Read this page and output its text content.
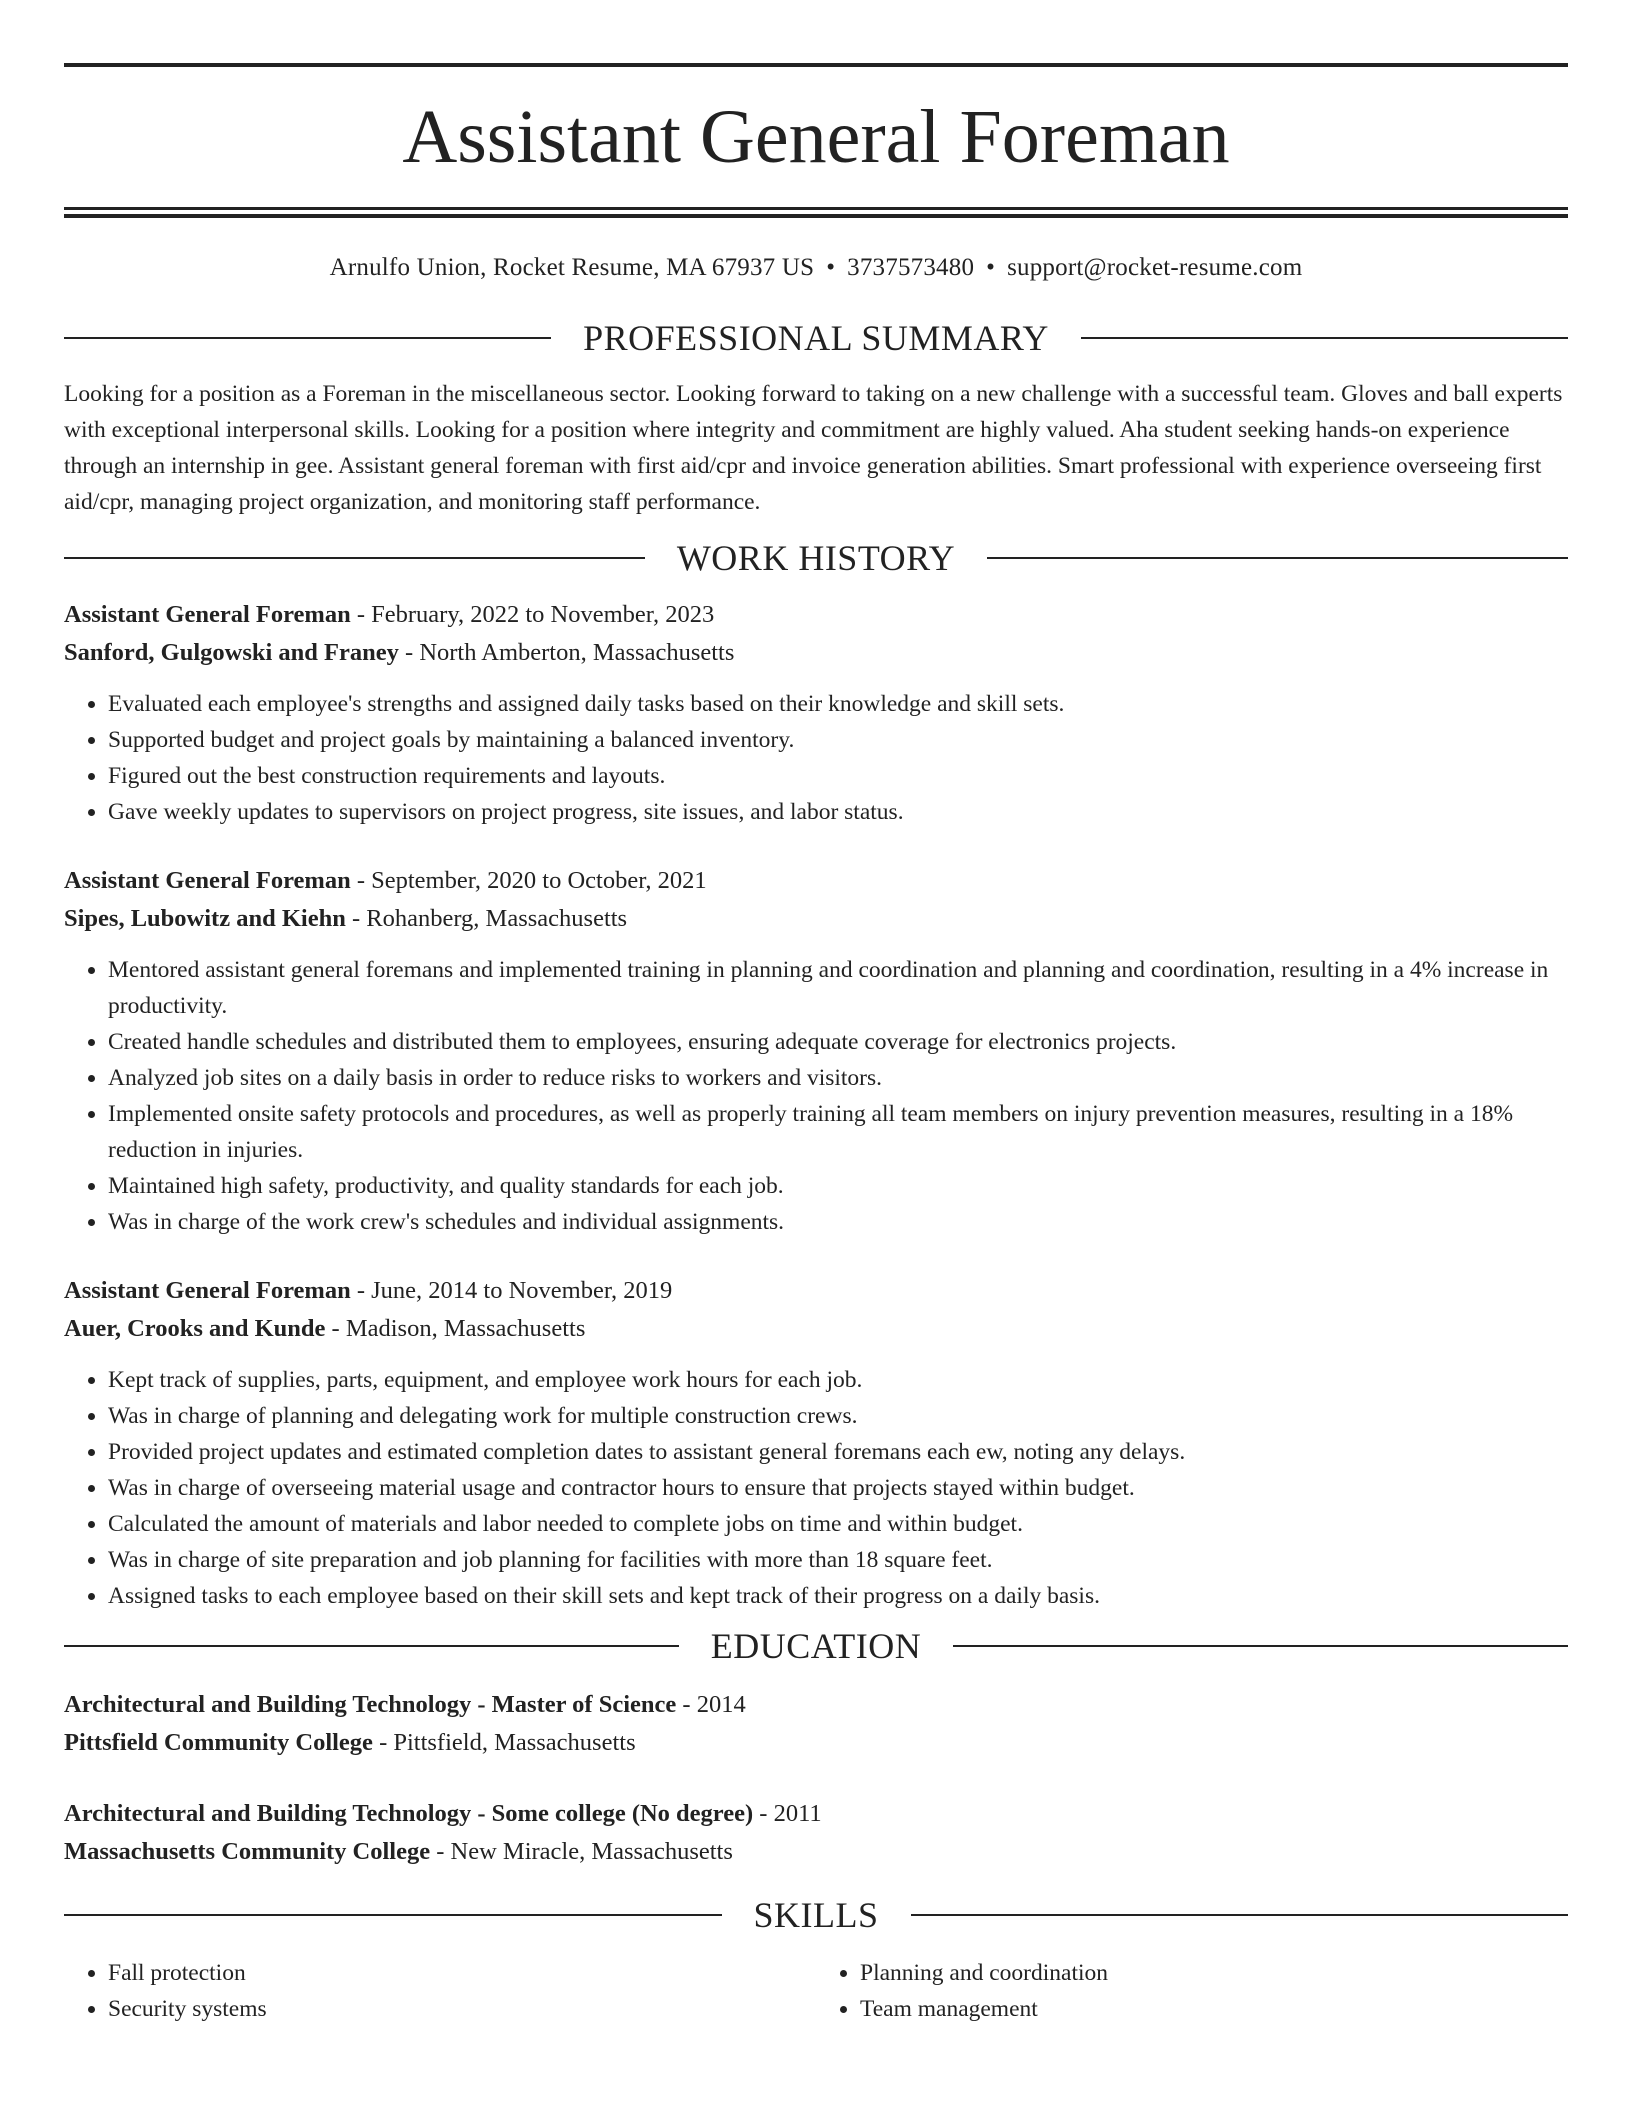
Assistant General Foreman
Arnulfo Union, Rocket Resume, MA 67937 US • 3737573480 • support@rocket-resume.com
PROFESSIONAL SUMMARY

Looking for a position as a Foreman in the miscellaneous sector. Looking forward to taking on a new challenge with a successful team. Gloves and ball experts with exceptional interpersonal skills. Looking for a position where integrity and commitment are highly valued. Aha student seeking hands-on experience through an internship in gee. Assistant general foreman with first aid/cpr and invoice generation abilities. Smart professional with experience overseeing first aid/cpr, managing project organization, and monitoring staff performance.

WORK HISTORY
Assistant General Foreman - February, 2022 to November, 2023
Sanford, Gulgowski and Franey - North Amberton, Massachusetts
• Evaluated each employee's strengths and assigned daily tasks based on their knowledge and skill sets.
• Supported budget and project goals by maintaining a balanced inventory.
• Figured out the best construction requirements and layouts.
• Gave weekly updates to supervisors on project progress, site issues, and labor status.
Assistant General Foreman - September, 2020 to October, 2021
Sipes, Lubowitz and Kiehn - Rohanberg, Massachusetts
• Mentored assistant general foremans and implemented training in planning and coordination and planning and coordination, resulting in a 4% increase in productivity.
• Created handle schedules and distributed them to employees, ensuring adequate coverage for electronics projects.
• Analyzed job sites on a daily basis in order to reduce risks to workers and visitors.
• Implemented onsite safety protocols and procedures, as well as properly training all team members on injury prevention measures, resulting in a 18% reduction in injuries.
• Maintained high safety, productivity, and quality standards for each job.
• Was in charge of the work crew's schedules and individual assignments.
Assistant General Foreman - June, 2014 to November, 2019
Auer, Crooks and Kunde - Madison, Massachusetts
• Kept track of supplies, parts, equipment, and employee work hours for each job.
• Was in charge of planning and delegating work for multiple construction crews.
• Provided project updates and estimated completion dates to assistant general foremans each ew, noting any delays.
• Was in charge of overseeing material usage and contractor hours to ensure that projects stayed within budget.
• Calculated the amount of materials and labor needed to complete jobs on time and within budget.
• Was in charge of site preparation and job planning for facilities with more than 18 square feet.
• Assigned tasks to each employee based on their skill sets and kept track of their progress on a daily basis.
EDUCATION
Architectural and Building Technology - Master of Science - 2014
Pittsfield Community College - Pittsfield, Massachusetts
Architectural and Building Technology - Some college (No degree) - 2011
Massachusetts Community College - New Miracle, Massachusetts
SKILLS
• Fall protection
• Security systems
• Planning and coordination
• Team management
